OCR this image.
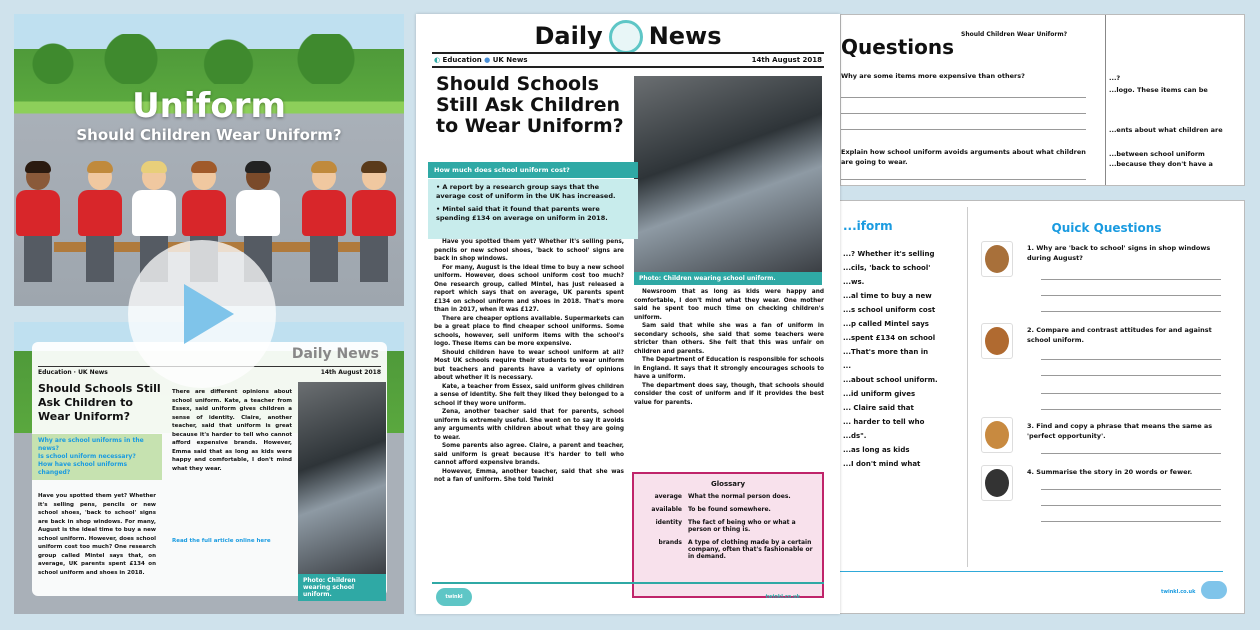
Uniform
Should Children Wear Uniform?
Daily News
Education · UK News	14th August 2018
Should Schools Still Ask Children to Wear Uniform?
Why are school uniforms in the news?
Is school uniform necessary?
How have school uniforms changed?
Have you spotted them yet? Whether it's selling pens, pencils or new school shoes, 'back to school' signs are back in shop windows. For many, August is the ideal time to buy a new school uniform. However, does school uniform cost too much? One research group called Mintel says that, on average, UK parents spent £134 on school uniform and shoes in 2018.
There are different opinions about school uniform. Kate, a teacher from Essex, said uniform gives children a sense of identity. Claire, another teacher, said that uniform is great because it's harder to tell who cannot afford expensive brands. However, Emma said that as long as kids were happy and comfortable, I don't mind what they wear.
Read the full article online here
Photo: Children wearing school uniform.
Daily News
◐ Education ● UK News	14th August 2018
Should Schools Still Ask Children to Wear Uniform?
Photo: Children wearing school uniform.
How much does school uniform cost?
• A report by a research group says that the average cost of uniform in the UK has increased.
• Mintel said that it found that parents were spending £134 on average on uniform in 2018.

Have you spotted them yet? Whether it's selling pens, pencils or new school shoes, 'back to school' signs are back in shop windows.

For many, August is the ideal time to buy a new school uniform. However, does school uniform cost too much? One research group, called Mintel, has just released a report which says that on average, UK parents spent £134 on school uniform and shoes in 2018. That's more than in 2017, when it was £127.

There are cheaper options available. Supermarkets can be a great place to find cheaper school uniforms. Some schools, however, sell uniform items with the school's logo. These items can be more expensive.

Should children have to wear school uniform at all? Most UK schools require their students to wear uniform but teachers and parents have a variety of opinions about whether it is necessary.

Kate, a teacher from Essex, said uniform gives children a sense of identity. She felt they liked they belonged to a school if they wore uniform.

Zena, another teacher said that for parents, school uniform is extremely useful. She went on to say it avoids any arguments with children about what they are going to wear.

Some parents also agree. Claire, a parent and teacher, said uniform is great because it's harder to tell who cannot afford expensive brands.

However, Emma, another teacher, said that she was not a fan of uniform. She told Twinkl

Newsroom that as long as kids were happy and comfortable, I don't mind what they wear. One mother said he spent too much time on checking children's uniform.

Sam said that while she was a fan of uniform in secondary schools, she said that some teachers were stricter than others. She felt that this was unfair on children and parents.

The Department of Education is responsible for schools in England. It says that it strongly encourages schools to have a uniform.

The department does say, though, that schools should consider the cost of uniform and if it provides the best value for parents.

Glossary
average	What the normal person does.
available	To be found somewhere.
identity	The fact of being who or what a person or thing is.
brands	A type of clothing made by a certain company, often that's fashionable or in demand.
twinkl	twinkl.co.uk
Questions
Should Children Wear Uniform?
Why are some items more expensive than others?
Explain how school uniform avoids arguments about what children are going to wear.
...?
...logo. These items can be
...ents about what children are
...between school uniform ...because they don't have a
...iform
...? Whether it's selling
...cils, 'back to school'
...ws.
...al time to buy a new
...s school uniform cost
...p called Mintel says
...spent £134 on school
...That's more than in
...
...about school uniform.
...id uniform gives
... Claire said that
... harder to tell who
...ds".
...as long as kids
...I don't mind what
Quick Questions
1. Why are 'back to school' signs in shop windows during August?
2. Compare and contrast attitudes for and against school uniform.
3. Find and copy a phrase that means the same as 'perfect opportunity'.
4. Summarise the story in 20 words or fewer.
twinkl.co.uk
